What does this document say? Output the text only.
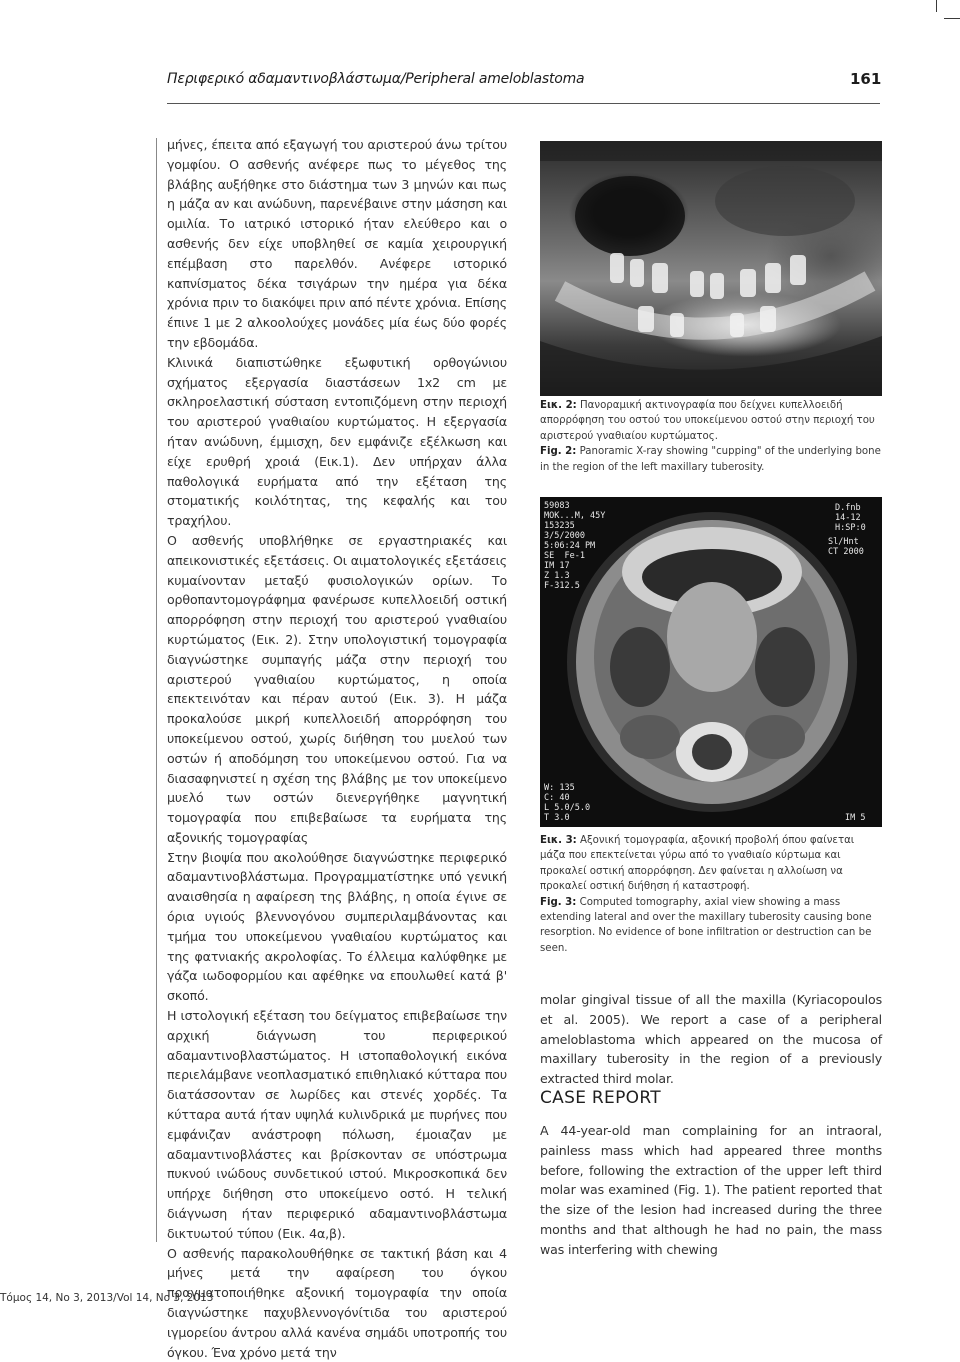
Περιφερικό αδαμαντινοβλάστωμα/Peripheral ameloblastoma	161

μήνες, έπειτα από εξαγωγή του αριστερού άνω τρίτου γομφίου. Ο ασθενής ανέφερε πως το μέγεθος της βλάβης αυξήθηκε στο διάστημα των 3 μηνών και πως η μάζα αν και ανώδυνη, παρενέβαινε στην μάσηση και ομιλία. Το ιατρικό ιστορικό ήταν ελεύθερο και ο ασθενής δεν είχε υποβληθεί σε καμία χειρουργική επέμβαση στο παρελθόν. Ανέφερε ιστορικό καπνίσματος δέκα τσιγάρων την ημέρα για δέκα χρόνια πριν το διακόψει πριν από πέντε χρόνια. Επίσης έπινε 1 με 2 αλκοολούχες μονάδες μία έως δύο φορές την εβδομάδα.

Κλινικά διαπιστώθηκε εξωφυτική ορθογώνιου σχήματος εξεργασία διαστάσεων 1x2 cm με σκληροελαστική σύσταση εντοπιζόμενη στην περιοχή του αριστερού γναθιαίου κυρτώματος. Η εξεργασία ήταν ανώδυνη, έμμισχη, δεν εμφάνιζε εξέλκωση και είχε ερυθρή χροιά (Εικ.1). Δεν υπήρχαν άλλα παθολογικά ευρήματα από την εξέταση της στοματικής κοιλότητας, της κεφαλής και του τραχήλου.

Ο ασθενής υποβλήθηκε σε εργαστηριακές και απεικονιστικές εξετάσεις. Οι αιματολογικές εξετάσεις κυμαίνονταν μεταξύ φυσιολογικών ορίων. Το ορθοπαντομογράφημα φανέρωσε κυπελλοειδή οστική απορρόφηση στην περιοχή του αριστερού γναθιαίου κυρτώματος (Εικ. 2). Στην υπολογιστική τομογραφία διαγνώστηκε συμπαγής μάζα στην περιοχή του αριστερού γναθιαίου κυρτώματος, η οποία επεκτεινόταν και πέραν αυτού (Εικ. 3). Η μάζα προκαλούσε μικρή κυπελλοειδή απορρόφηση του υποκείμενου οστού, χωρίς διήθηση του μυελού των οστών ή αποδόμηση του υποκείμενου οστού. Για να διασαφηνιστεί η σχέση της βλάβης με τον υποκείμενο μυελό των οστών διενεργήθηκε μαγνητική τομογραφία που επιβεβαίωσε τα ευρήματα της αξονικής τομογραφίας

Στην βιοψία που ακολούθησε διαγνώστηκε περιφερικό αδαμαντινοβλάστωμα. Προγραμματίστηκε υπό γενική αναισθησία η αφαίρεση της βλάβης, η οποία έγινε σε όρια υγιούς βλεννογόνου συμπεριλαμβάνοντας και τμήμα του υποκείμενου γναθιαίου κυρτώματος και της φατνιακής ακρολοφίας. Το έλλειμα καλύφθηκε με γάζα ιωδοφορμίου και αφέθηκε να επουλωθεί κατά β' σκοπό.

Η ιστολογική εξέταση του δείγματος επιβεβαίωσε την αρχική διάγνωση του περιφερικού αδαμαντινοβλαστώματος. Η ιστοπαθολογική εικόνα περιελάμβανε νεοπλασματικό επιθηλιακό κύτταρα που διατάσσονταν σε λωρίδες και στενές χορδές. Τα κύτταρα αυτά ήταν υψηλά κυλινδρικά με πυρήνες που εμφάνιζαν ανάστροφη πόλωση, έμοιαζαν με αδαμαντινοβλάστες και βρίσκονταν σε υπόστρωμα πυκνού ινώδους συνδετικού ιστού. Μικροσκοπικά δεν υπήρχε διήθηση στο υποκείμενο οστό. Η τελική διάγνωση ήταν περιφερικό αδαμαντινοβλάστωμα δικτυωτού τύπου (Εικ. 4α,β).

Ο ασθενής παρακολουθήθηκε σε τακτική βάση και 4 μήνες μετά την αφαίρεση του όγκου πραγματοποιήθηκε αξονική τομογραφία την οποία διαγνώστηκε παχυβλεννογόνίτιδα του αριστερού ιγμορείου άντρου αλλά κανένα σημάδι υποτροπής του όγκου. Ένα χρόνο μετά την

Εικ. 2: Πανοραμική ακτινογραφία που δείχνει κυπελλοειδή απορρόφηση του οστού του υποκείμενου οστού στην περιοχή του αριστερού γναθιαίου κυρτώματος.

Fig. 2: Panoramic X-ray showing "cupping" of the underlying bone in the region of the left maxillary tuberosity.

59083
MOK...M, 45Y
153235
3/5/2000
5:06:24 PM
SE  Fe-1
IM 17
Z 1.3
F-312.5
D.fnb
14-12
H:SP:0
W: 135
C: 40
L 5.0/5.0
T 3.0	IM 5
Sl/Hnt
CT 2000

Εικ. 3: Αξονική τομογραφία, αξονική προβολή όπου φαίνεται μάζα που επεκτείνεται γύρω από το γναθιαίο κύρτωμα και προκαλεί οστική απορρόφηση. Δεν φαίνεται η αλλοίωση να προκαλεί οστική διήθηση ή καταστροφή.

Fig. 3: Computed tomography, axial view showing a mass extending lateral and over the maxillary tuberosity causing bone resorption. No evidence of bone infiltration or destruction can be seen.

molar gingival tissue of all the maxilla (Kyriacopoulos et al. 2005). We report a case of a peripheral ameloblastoma which appeared on the mucosa of maxillary tuberosity in the region of a previously extracted third molar.

CASE REPORT

A 44-year-old man complaining for an intraoral, painless mass which had appeared three months before, following the extraction of the upper left third molar was examined (Fig. 1). The patient reported that the size of the lesion had increased during the three months and that although he had no pain, the mass was interfering with chewing

Τόμος 14, No 3, 2013/Vol 14, No 3, 2013
